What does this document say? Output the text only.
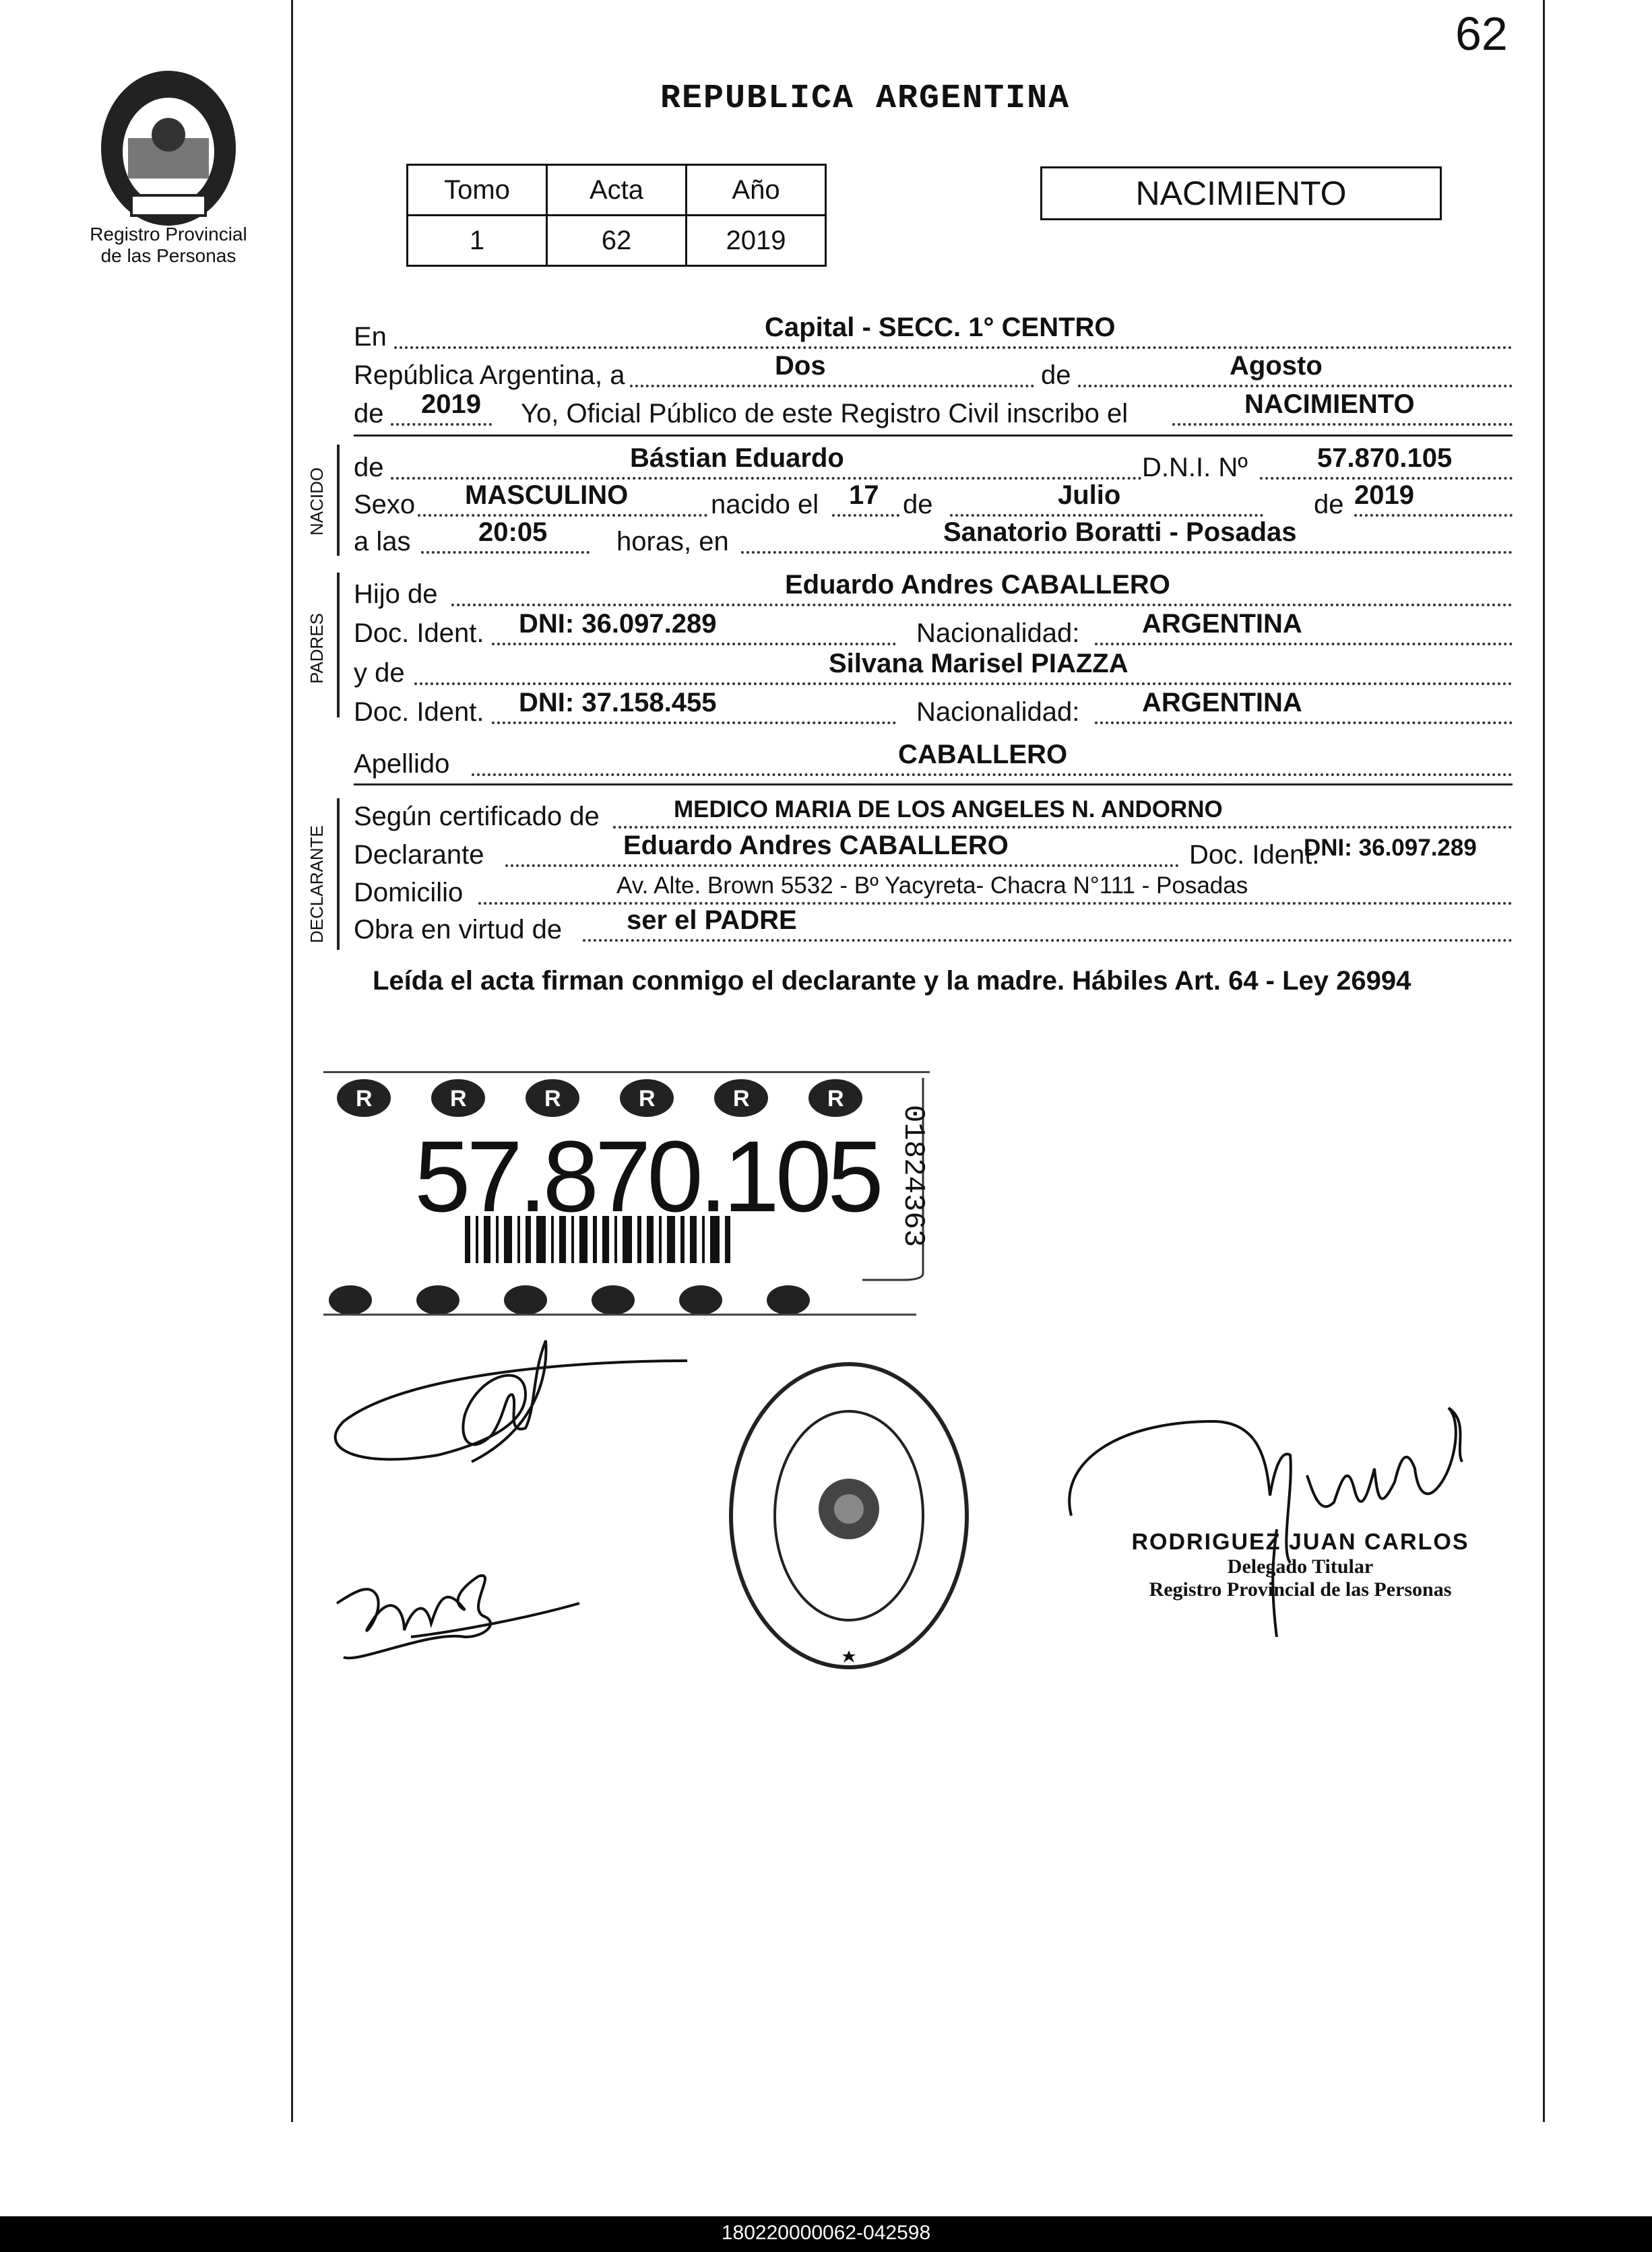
62
REPUBLICA ARGENTINA
Registro Provincial
de las Personas
Tomo	Acta	Año
1	62	2019
NACIMIENTO
En	Capital - SECC. 1° CENTRO
República Argentina, a	Dos	de	Agosto
de 2019 Yo, Oficial Público de este Registro Civil inscribo el	NACIMIENTO
NACIDO de	Bástian Eduardo	D.N.I. Nº	57.870.105
Sexo MASCULINO	nacido el 17 de	Julio	de 2019
a las	20:05	horas, en	Sanatorio Boratti - Posadas
PADRES
Hijo de	Eduardo Andres CABALLERO
Doc. Ident. DNI: 36.097.289	Nacionalidad: ARGENTINA
y de	Silvana Marisel PIAZZA
Doc. Ident. DNI: 37.158.455	Nacionalidad: ARGENTINA
Apellido	CABALLERO
DECLARANTE
Según certificado de	MEDICO MARIA DE LOS ANGELES N. ANDORNO
Declarante	Eduardo Andres CABALLERO	Doc. Ident.
DNI: 36.097.289
Domicilio	Av. Alte. Brown 5532 - Bº Yacyreta- Chacra N°111 - Posadas
Obra en virtud de ser el PADRE
Leída el acta firman conmigo el declarante y la madre. Hábiles Art. 64 - Ley 26994
R	R	R	R	R	R
57.870.105 01824363
RODRIGUEZ JUAN CARLOS
Delegado Titular
Registro Provincial de las Personas
180220000062-042598
